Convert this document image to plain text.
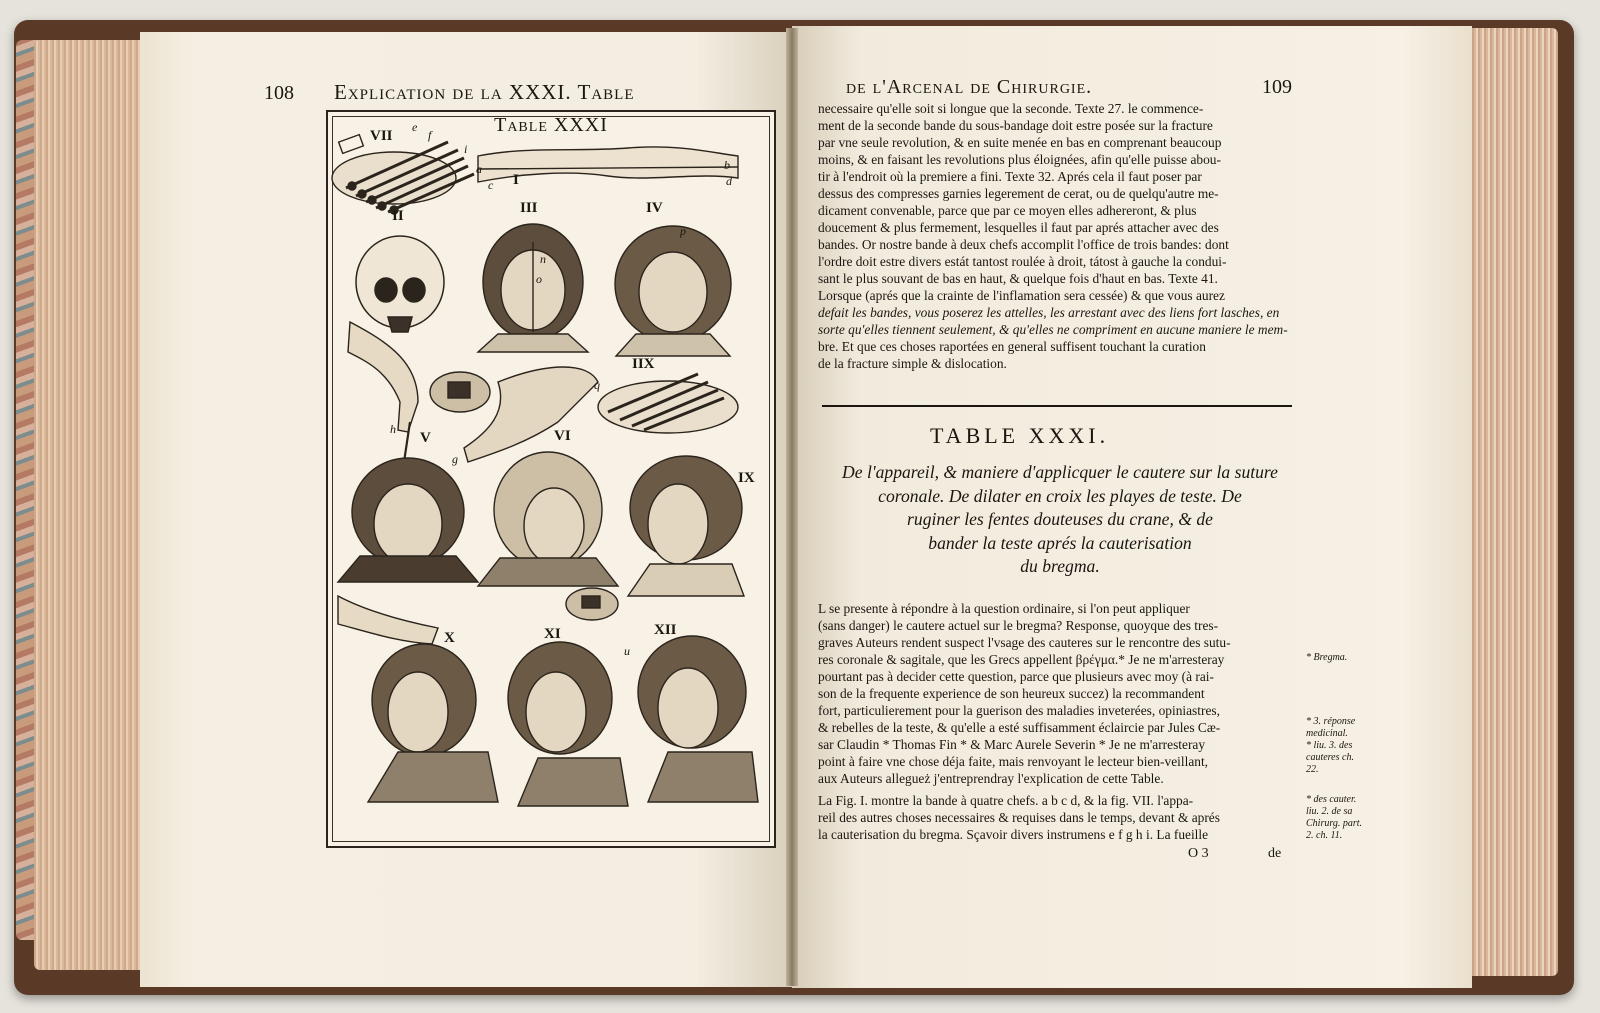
108 Explication de la XXXI. Table
Table XXXI
I
II	III	IV
V	VI
VII
IIX
IX
X	XI	XII
a	b
c	d
e
f
g
h
i
n
o
p
q
u
de l'Arcenal de Chirurgie.	109

necessaire qu'elle soit si longue que la seconde. Texte 27. le commence-

ment de la seconde bande du sous-bandage doit estre posée sur la fracture

par vne seule revolution, & en suite menée en bas en comprenant beaucoup

moins, & en faisant les revolutions plus éloignées, afin qu'elle puisse abou-

tir à l'endroit où la premiere a fini. Texte 32. Aprés cela il faut poser par

dessus des compresses garnies legerement de cerat, ou de quelqu'autre me-

dicament convenable, parce que par ce moyen elles adhereront, & plus

doucement & plus fermement, lesquelles il faut par aprés attacher avec des

bandes. Or nostre bande à deux chefs accomplit l'office de trois bandes: dont

l'ordre doit estre divers estát tantost roulée à droit, tátost à gauche la condui-

sant le plus souvant de bas en haut, & quelque fois d'haut en bas. Texte 41.

Lorsque (aprés que la crainte de l'inflamation sera cessée) & que vous aurez

defait les bandes, vous poserez les attelles, les arrestant avec des liens fort lasches, en

sorte qu'elles tiennent seulement, & qu'elles ne compriment en aucune maniere le mem-

bre. Et que ces choses raportées en general suffisent touchant la curation

de la fracture simple & dislocation.

TABLE XXXI.
De l'appareil, & maniere d'applicquer le cautere sur la suture
coronale. De dilater en croix les playes de teste. De
ruginer les fentes douteuses du crane, & de
bander la teste aprés la cauterisation
du bregma.

L se presente à répondre à la question ordinaire, si l'on peut appliquer

(sans danger) le cautere actuel sur le bregma? Response, quoyque des tres-

graves Auteurs rendent suspect l'vsage des cauteres sur le rencontre des sutu-

res coronale & sagitale, que les Grecs appellent βρέγμα.* Je ne m'arresteray

pourtant pas à decider cette question, parce que plusieurs avec moy (à rai-

son de la frequente experience de son heureux succez) la recommandent

fort, particulierement pour la guerison des maladies inveterées, opiniastres,

& rebelles de la teste, & qu'elle a esté suffisamment éclaircie par Jules Cæ-

sar Claudin * Thomas Fin * & Marc Aurele Severin * Je ne m'arresteray

point à faire vne chose déja faite, mais renvoyant le lecteur bien-veillant,

aux Auteurs allegueż j'entreprendray l'explication de cette Table.

La Fig. I. montre la bande à quatre chefs. a b c d, & la fig. VII. l'appa-

reil des autres choses necessaires & requises dans le temps, devant & aprés

la cauterisation du bregma. Sçavoir divers instrumens e f g h i. La fueille

* Bregma.
* 3. réponse
medicinal.
* liu. 3. des
cauteres ch.
22.
* des cauter.
liu. 2. de sa
Chirurg. part.
2. ch. 11.
O 3	de
